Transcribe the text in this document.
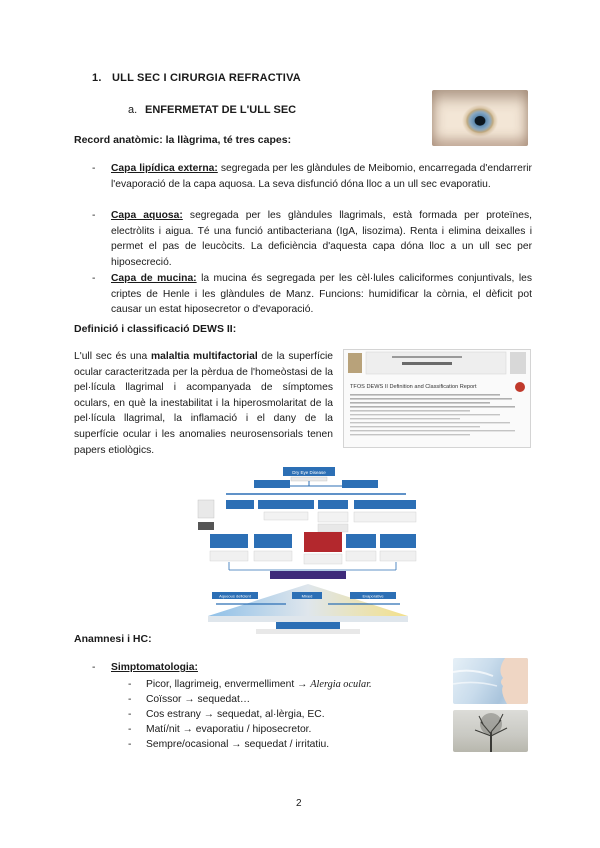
1. ULL SEC I CIRURGIA REFRACTIVA
a. ENFERMETAT DE L'ULL SEC
Record anatòmic: la llàgrima, té tres capes:
- Capa lipídica externa: segregada per les glàndules de Meibomio, encarregada d'endarrerir l'evaporació de la capa aquosa. La seva disfunció dóna lloc a un ull sec evaporatiu.
- Capa aquosa: segregada per les glàndules llagrimals, està formada per proteïnes, electròlits i aigua. Té una funció antibacteriana (IgA, lisozima). Renta i elimina deixalles i permet el pas de leucòcits. La deficiència d'aquesta capa dóna lloc a un ull sec per hiposecreció.
- Capa de mucina: la mucina és segregada per les cèl·lules caliciformes conjuntivals, les criptes de Henle i les glàndules de Manz. Funcions: humidificar la còrnia, el dèficit pot causar un estat hiposecretor o d'evaporació.
Definició i classificació DEWS II:
L'ull sec és una malaltia multifactorial de la superfície ocular caracteritzada per la pèrdua de l'homeòstasi de la pel·lícula llagrimal i acompanyada de símptomes oculars, en què la inestabilitat i la hiperosmolaritat de la pel·lícula llagrimal, la inflamació i el dany de la superfície ocular i les anomalies neurosensorials tenen papers etiològics.
TFOS DEWS II Definition and Classification Report
Dry Eye Disease
Aqueous deficient	Mixed	Evaporative
Anamnesi i HC:
- Simptomatologia:
- Picor, llagrimeig, envermelliment → Alergia ocular.
- Coïssor → sequedat…
- Cos estrany → sequedat, al·lèrgia, EC.
- Matí/nit → evaporatiu / hiposecretor.
- Sempre/ocasional → sequedat / irritatiu.
2
